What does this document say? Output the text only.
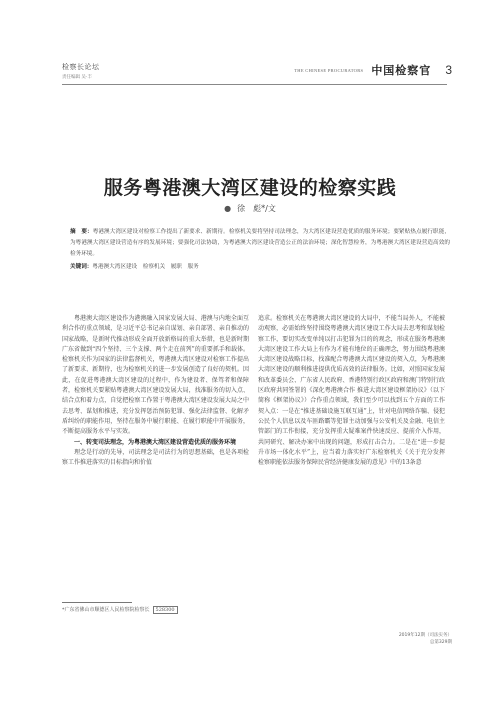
检察长论坛
责任编辑 吴·丰
THE CHINESE PROCURATORS 中国检察官 3
服务粤港澳大湾区建设的检察实践
● 徐　彪*/文
摘　要：粤港澳大湾区建设对检察工作提出了新要求、新期待。检察机关要将坚持司法理念，为大湾区建设营造优质的服务环境；要紧贴热点履行职能，为粤港澳大湾区建设营造有序的发展环境；要强化司法协助，为粤港澳大湾区建设营造公正的法治环境；深化智慧检务，为粤港澳大湾区建设营造高效的检务环境。
关键词：粤港澳大湾区建设　检察机关　履职　服务

粤港澳大湾区建设作为港澳融入国家发展大局、港澳与内地全面互利合作的重点领域，是习近平总书记亲自谋划、亲自部署、亲自推动的国家战略，是新时代推动形成全面开放新格局的重大举措，也是新时期广东省做到“四个坚持、三个支撑、两个走在前列”的重要抓手和载体。检察机关作为国家的法律监督机关，粤港澳大湾区建设对检察工作提出了新要求、新期待，也为检察机关的进一步发展创造了良好的契机。因此，在促进粤港澳大湾区建设的过程中，作为建设者、保驾者和保障者，检察机关要紧贴粤港澳大湾区建设发展大局，找准服务的切入点、结合点和着力点，自觉把检察工作置于粤港澳大湾区建设发展大局之中去思考、谋划和推进，充分发挥惩治预防犯罪、强化法律监督、化解矛盾纠纷的职能作用，坚持在服务中履行职能、在履行职能中开展服务，不断提高服务水平与实效。

一、转变司法理念，为粤港澳大湾区建设营造优质的服务环境

理念是行动的先导，司法理念是司法行为的思想基础，也是各项检察工作推进落实的目标指向和价值

追求。检察机关在粤港澳大湾区建设的大局中，不能当局外人，不能被动观察，必需始终坚持围绕粤港澳大湾区建设工作大局去思考和谋划检察工作，要切实改变单纯以打击犯罪为目的的观念，形成在服务粤港澳大湾区建设工作大局上有作为才能有地位的正确理念，努力围绕粤港澳大湾区建设战略目标，找准配合粤港澳大湾区建设的契入点，为粤港澳大湾区建设的顺利推进提供优质高效的法律服务。比如，对照国家发展和改革委员会、广东省人民政府、香港特别行政区政府和澳门特别行政区政府共同签署的《深化粤港澳合作 推进大湾区建设框架协议》（以下简称《框架协议》）合作重点领域，我们至少可以找到五个方面的工作契入点：一是在“推进基础设施互联互通”上，针对电信网络诈骗、侵犯公民个人信息以及车匪路霸等犯罪主动加强与公安机关及金融、电信主管部门的工作衔接，充分发挥重大疑难案件快速反应、提前介入作用，共同研究、解决办案中出现的问题，形成打击合力。二是在“进一步提升市场一体化水平”上，应当着力落实好广东检察机关《关于充分发挥检察职能依法服务保障民营经济健康发展的意见》中的13条意

*广东省佛山市顺德区人民检察院检察长 528300
2019年12期（司法实务）
总第329期
